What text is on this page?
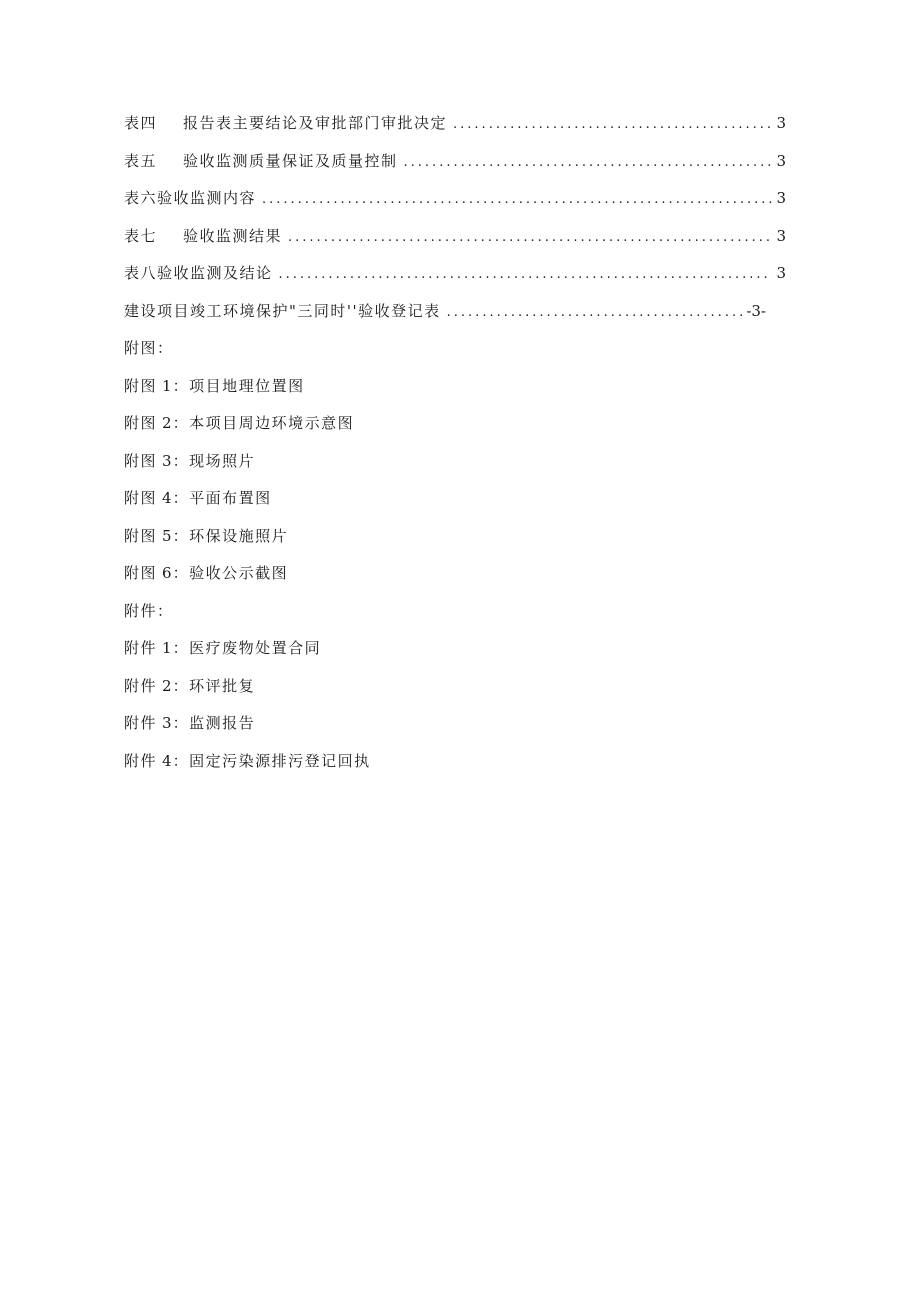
表四 报告表主要结论及审批部门审批决定 .....	3
表五 验收监测质量保证及质量控制 .....	3
表六验收监测内容 .....	3
表七 验收监测结果 .....	3
表八验收监测及结论 .....	3
建设项目竣工环境保护"三同时''验收登记表 .....	-3-
附图：
附图 1 ： 项目地理位置图
附图 2 ： 本项目周边环境示意图
附图 3 ： 现场照片
附图 4 ： 平面布置图
附图 5 ： 环保设施照片
附图 6 ： 验收公示截图
附件：
附件 1 ： 医疗废物处置合同
附件 2 ： 环评批复
附件 3 ： 监测报告
附件 4 ： 固定污染源排污登记回执
